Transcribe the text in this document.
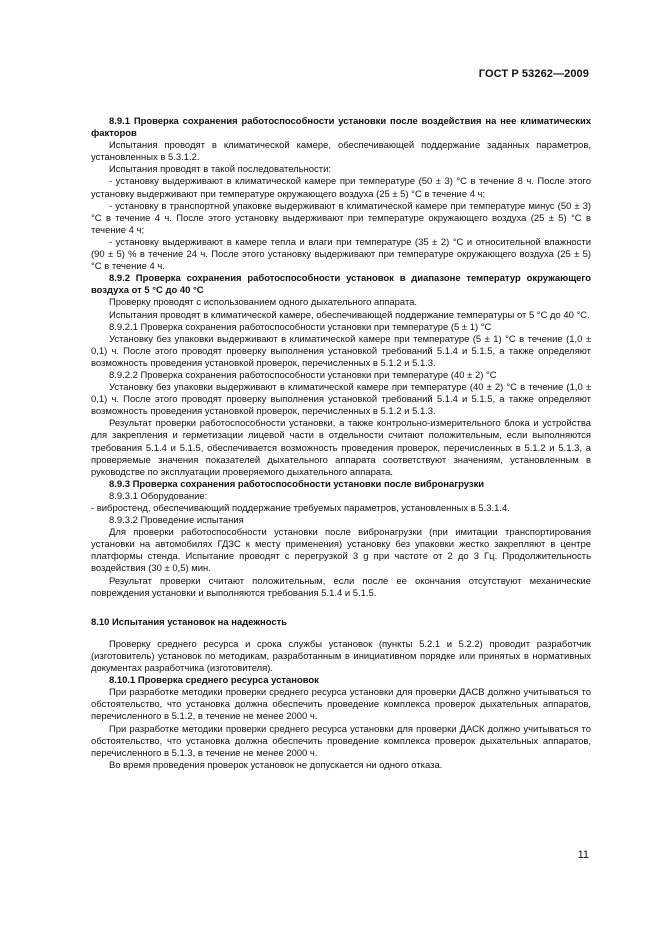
ГОСТ Р 53262—2009

8.9.1 Проверка сохранения работоспособности установки после воздействия на нее климатических факторов

Испытания проводят в климатической камере, обеспечивающей поддержание заданных параметров, установленных в 5.3.1.2.

Испытания проводят в такой последовательности:

- установку выдерживают в климатической камере при температуре (50 ± 3) °С в течение 8 ч. После этого установку выдерживают при температуре окружающего воздуха (25 ± 5) °С в течение 4 ч;

- установку в транспортной упаковке выдерживают в климатической камере при температуре минус (50 ± 3) °С в течение 4 ч. После этого установку выдерживают при температуре окружающего воздуха (25 ± 5) °С в течение 4 ч;

- установку выдерживают в камере тепла и влаги при температуре (35 ± 2) °С и относительной влажности (90 ± 5) % в течение 24 ч. После этого установку выдерживают при температуре окружающего воздуха (25 ± 5) °С в течение 4 ч.

8.9.2 Проверка сохранения работоспособности установок в диапазоне температур окружающего воздуха от 5 °С до 40 °С

Проверку проводят с использованием одного дыхательного аппарата.

Испытания проводят в климатической камере, обеспечивающей поддержание температуры от 5 °С до 40 °С.

8.9.2.1 Проверка сохранения работоспособности установки при температуре (5 ± 1) °С

Установку без упаковки выдерживают в климатической камере при температуре (5 ± 1) °С в течение (1,0 ± 0,1) ч. После этого проводят проверку выполнения установкой требований 5.1.4 и 5.1.5, а также определяют возможность проведения установкой проверок, перечисленных в 5.1.2 и 5.1.3.

8.9.2.2 Проверка сохранения работоспособности установки при температуре (40 ± 2) °С

Установку без упаковки выдерживают в климатической камере при температуре (40 ± 2) °С в течение (1,0 ± 0,1) ч. После этого проводят проверку выполнения установкой требований 5.1.4 и 5.1.5, а также определяют возможность проведения установкой проверок, перечисленных в 5.1.2 и 5.1.3.

Результат проверки работоспособности установки, а также контрольно-измерительного блока и устройства для закрепления и герметизации лицевой части в отдельности считают положительным, если выполняются требования 5.1.4 и 5.1.5, обеспечивается возможность проведения проверок, перечисленных в 5.1.2 и 5.1.3, а проверяемые значения показателей дыхательного аппарата соответствуют значениям, установленным в руководстве по эксплуатации проверяемого дыхательного аппарата.

8.9.3 Проверка сохранения работоспособности установки после вибронагрузки

8.9.3.1 Оборудование:

- вибростенд, обеспечивающий поддержание требуемых параметров, установленных в 5.3.1.4.

8.9.3.2 Проведение испытания

Для проверки работоспособности установки после вибронагрузки (при имитации транспортирования установки на автомобилях ГДЗС к месту применения) установку без упаковки жестко закрепляют в центре платформы стенда. Испытание проводят с перегрузкой 3 g при частоте от 2 до 3 Гц. Продолжительность воздействия (30 ± 0,5) мин.

Результат проверки считают положительным, если после ее окончания отсутствуют механические повреждения установки и выполняются требования 5.1.4 и 5.1.5.

8.10 Испытания установок на надежность

Проверку среднего ресурса и срока службы установок (пункты 5.2.1 и 5.2.2) проводит разработчик (изготовитель) установок по методикам, разработанным в инициативном порядке или принятых в нормативных документах разработчика (изготовителя).

8.10.1 Проверка среднего ресурса установок

При разработке методики проверки среднего ресурса установки для проверки ДАСВ должно учитываться то обстоятельство, что установка должна обеспечить проведение комплекса проверок дыхательных аппаратов, перечисленного в 5.1.2, в течение не менее 2000 ч.

При разработке методики проверки среднего ресурса установки для проверки ДАСК должно учитываться то обстоятельство, что установка должна обеспечить проведение комплекса проверок дыхательных аппаратов, перечисленного в 5.1.3, в течение не менее 2000 ч.

Во время проведения проверок установок не допускается ни одного отказа.

11
